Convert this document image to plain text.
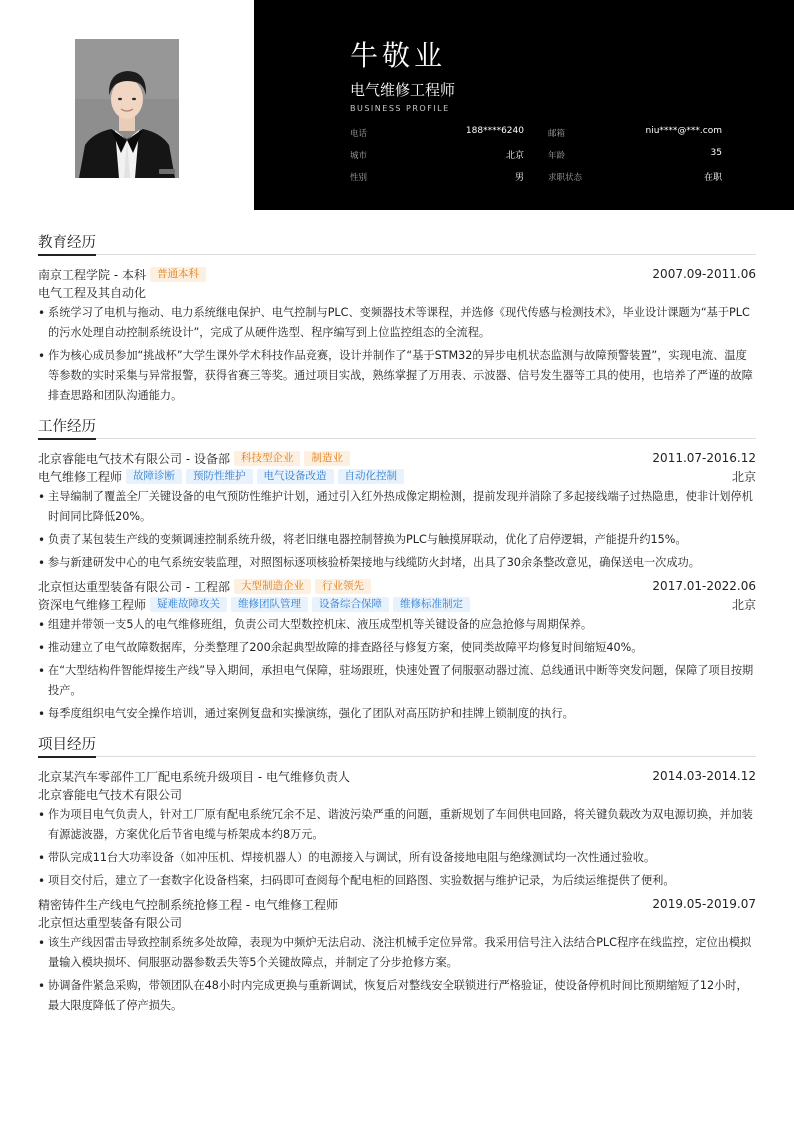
牛敬业
电气维修工程师
BUSINESS PROFILE
电话	188****6240	邮箱	niu****@***.com
城市	北京	年龄	35
性别	男	求职状态	在职
教育经历
南京工程学院 - 本科	普通本科	2007.09-2011.06
电气工程及其自动化
• 系统学习了电机与拖动、电力系统继电保护、电气控制与PLC、变频器技术等课程，并选修《现代传感与检测技术》，毕业设计课题为“基于PLC的污水处理自动控制系统设计”，完成了从硬件选型、程序编写到上位监控组态的全流程。
• 作为核心成员参加“挑战杯”大学生课外学术科技作品竞赛，设计并制作了“基于STM32的异步电机状态监测与故障预警装置”，实现电流、温度等参数的实时采集与异常报警，获得省赛三等奖。通过项目实战，熟练掌握了万用表、示波器、信号发生器等工具的使用，也培养了严谨的故障排查思路和团队沟通能力。
工作经历
北京睿能电气技术有限公司 - 设备部	科技型企业	制造业	2011.07-2016.12
电气维修工程师	故障诊断	预防性维护	电气设备改造	自动化控制	北京
• 主导编制了覆盖全厂关键设备的电气预防性维护计划，通过引入红外热成像定期检测，提前发现并消除了多起接线端子过热隐患，使非计划停机时间同比降低20%。
• 负责了某包装生产线的变频调速控制系统升级，将老旧继电器控制替换为PLC与触摸屏联动，优化了启停逻辑，产能提升约15%。
• 参与新建研发中心的电气系统安装监理，对照图标逐项核验桥架接地与线缆防火封堵，出具了30余条整改意见，确保送电一次成功。
北京恒达重型装备有限公司 - 工程部	大型制造企业	行业领先	2017.01-2022.06
资深电气维修工程师	疑难故障攻关	维修团队管理	设备综合保障	维修标准制定	北京
• 组建并带领一支5人的电气维修班组，负责公司大型数控机床、液压成型机等关键设备的应急抢修与周期保养。
• 推动建立了电气故障数据库，分类整理了200余起典型故障的排查路径与修复方案，使同类故障平均修复时间缩短40%。
• 在“大型结构件智能焊接生产线”导入期间，承担电气保障，驻场跟班，快速处置了伺服驱动器过流、总线通讯中断等突发问题，保障了项目按期投产。
• 每季度组织电气安全操作培训，通过案例复盘和实操演练，强化了团队对高压防护和挂牌上锁制度的执行。
项目经历
北京某汽车零部件工厂配电系统升级项目 - 电气维修负责人	2014.03-2014.12
北京睿能电气技术有限公司
• 作为项目电气负责人，针对工厂原有配电系统冗余不足、谐波污染严重的问题，重新规划了车间供电回路，将关键负载改为双电源切换，并加装有源滤波器，方案优化后节省电缆与桥架成本约8万元。
• 带队完成11台大功率设备（如冲压机、焊接机器人）的电源接入与调试，所有设备接地电阻与绝缘测试均一次性通过验收。
• 项目交付后，建立了一套数字化设备档案，扫码即可查阅每个配电柜的回路图、实验数据与维护记录，为后续运维提供了便利。
精密铸件生产线电气控制系统抢修工程 - 电气维修工程师	2019.05-2019.07
北京恒达重型装备有限公司
• 该生产线因雷击导致控制系统多处故障，表现为中频炉无法启动、浇注机械手定位异常。我采用信号注入法结合PLC程序在线监控，定位出模拟量输入模块损坏、伺服驱动器参数丢失等5个关键故障点，并制定了分步抢修方案。
• 协调备件紧急采购，带领团队在48小时内完成更换与重新调试，恢复后对整线安全联锁进行严格验证，使设备停机时间比预期缩短了12小时，最大限度降低了停产损失。
